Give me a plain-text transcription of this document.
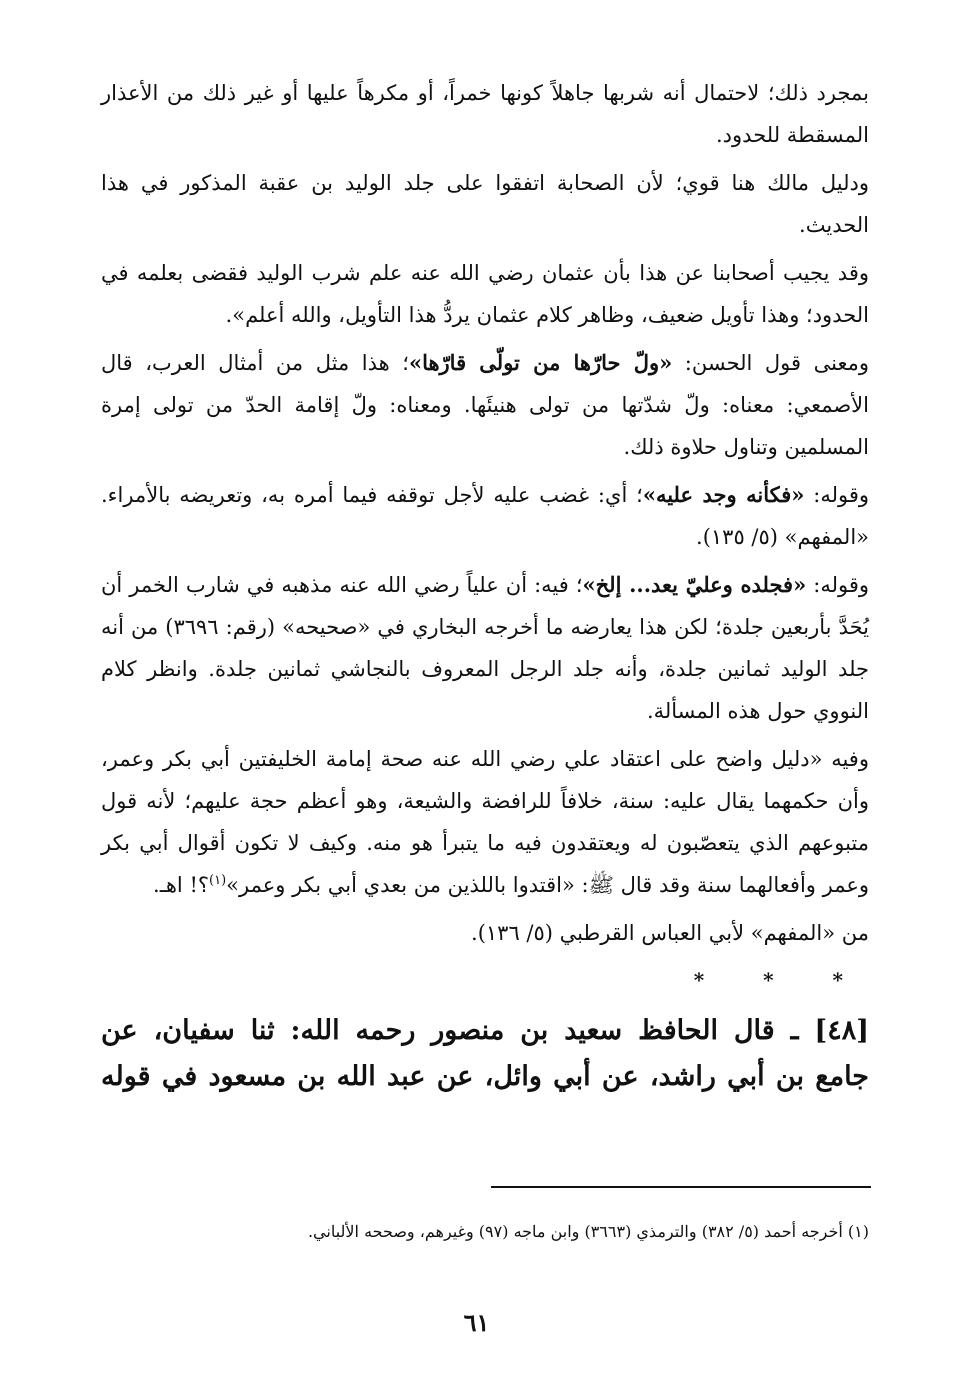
بمجرد ذلك؛ لاحتمال أنه شربها جاهلاً كونها خمراً، أو مكرهاً عليها أو غير ذلك من الأعذار المسقطة للحدود.

ودليل مالك هنا قوي؛ لأن الصحابة اتفقوا على جلد الوليد بن عقبة المذكور في هذا الحديث.

وقد يجيب أصحابنا عن هذا بأن عثمان رضي الله عنه علم شرب الوليد فقضى بعلمه في الحدود؛ وهذا تأويل ضعيف، وظاهر كلام عثمان يردُّ هذا التأويل، والله أعلم».

ومعنى قول الحسن: «ولّ حارّها من تولّى قارّها»؛ هذا مثل من أمثال العرب، قال الأصمعي: معناه: ولّ شدّتها من تولى هنيئَها. ومعناه: ولّ إقامة الحدّ من تولى إمرة المسلمين وتناول حلاوة ذلك.

وقوله: «فكأنه وجد عليه»؛ أي: غضب عليه لأجل توقفه فيما أمره به، وتعريضه بالأمراء. «المفهم» (٥/ ١٣٥).

وقوله: «فجلده وعليّ يعد... إلخ»؛ فيه: أن علياً رضي الله عنه مذهبه في شارب الخمر أن يُحَدَّ بأربعين جلدة؛ لكن هذا يعارضه ما أخرجه البخاري في «صحيحه» (رقم: ٣٦٩٦) من أنه جلد الوليد ثمانين جلدة، وأنه جلد الرجل المعروف بالنجاشي ثمانين جلدة. وانظر كلام النووي حول هذه المسألة.

وفيه «دليل واضح على اعتقاد علي رضي الله عنه صحة إمامة الخليفتين أبي بكر وعمر، وأن حكمهما يقال عليه: سنة، خلافاً للرافضة والشيعة، وهو أعظم حجة عليهم؛ لأنه قول متبوعهم الذي يتعصّبون له ويعتقدون فيه ما يتبرأ هو منه. وكيف لا تكون أقوال أبي بكر وعمر وأفعالهما سنة وقد قال ﷺ: «اقتدوا باللذين من بعدي أبي بكر وعمر»$^{(١)}$؟! اهـ.

من «المفهم» لأبي العباس القرطبي (٥/ ١٣٦).

* * *
[٤٨] ـ قال الحافظ سعيد بن منصور رحمه الله: ثنا سفيان، عن
جامع بن أبي راشد، عن أبي وائل، عن عبد الله بن مسعود في قوله
(١) أخرجه أحمد (٥/ ٣٨٢) والترمذي (٣٦٦٣) وابن ماجه (٩٧) وغيرهم، وصححه الألباني.
٦١
